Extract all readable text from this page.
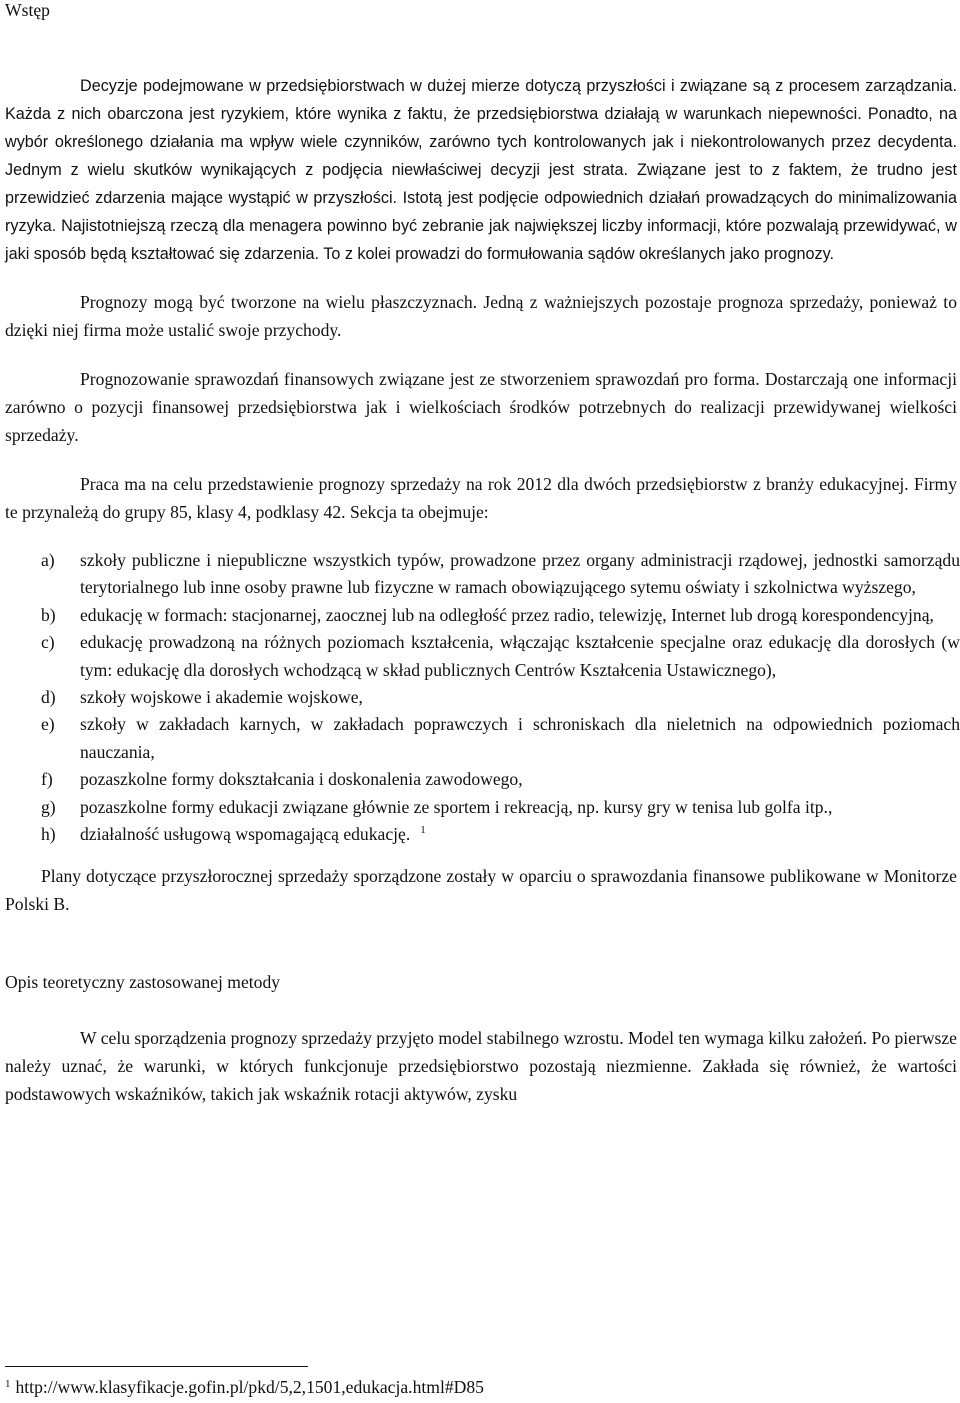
Wstęp

Decyzje podejmowane w przedsiębiorstwach w dużej mierze dotyczą przyszłości i związane są z procesem zarządzania. Każda z nich obarczona jest ryzykiem, które wynika z faktu, że przedsiębiorstwa działają w warunkach niepewności. Ponadto, na wybór określonego działania ma wpływ wiele czynników, zarówno tych kontrolowanych jak i niekontrolowanych przez decydenta. Jednym z wielu skutków wynikających z podjęcia niewłaściwej decyzji jest strata. Związane jest to z faktem, że trudno jest przewidzieć zdarzenia mające wystąpić w przyszłości. Istotą jest podjęcie odpowiednich działań prowadzących do minimalizowania ryzyka. Najistotniejszą rzeczą dla menagera powinno być zebranie jak największej liczby informacji, które pozwalają przewidywać, w jaki sposób będą kształtować się zdarzenia. To z kolei prowadzi do formułowania sądów określanych jako prognozy.

Prognozy mogą być tworzone na wielu płaszczyznach. Jedną z ważniejszych pozostaje prognoza sprzedaży, ponieważ to dzięki niej firma może ustalić swoje przychody.

Prognozowanie sprawozdań finansowych związane jest ze stworzeniem sprawozdań pro forma. Dostarczają one informacji zarówno o pozycji finansowej przedsiębiorstwa jak i wielkościach środków potrzebnych do realizacji przewidywanej wielkości sprzedaży.

Praca ma na celu przedstawienie prognozy sprzedaży na rok 2012 dla dwóch przedsiębiorstw z branży edukacyjnej. Firmy te przynależą do grupy 85, klasy 4, podklasy 42. Sekcja ta obejmuje:

a) szkoły publiczne i niepubliczne wszystkich typów, prowadzone przez organy administracji rządowej, jednostki samorządu terytorialnego lub inne osoby prawne lub fizyczne w ramach obowiązującego sytemu oświaty i szkolnictwa wyższego,
b) edukację w formach: stacjonarnej, zaocznej lub na odległość przez radio, telewizję, Internet lub drogą korespondencyjną,
c) edukację prowadzoną na różnych poziomach kształcenia, włączając kształcenie specjalne oraz edukację dla dorosłych (w tym: edukację dla dorosłych wchodzącą w skład publicznych Centrów Kształcenia Ustawicznego),
d) szkoły wojskowe i akademie wojskowe,
e) szkoły w zakładach karnych, w zakładach poprawczych i schroniskach dla nieletnich na odpowiednich poziomach nauczania,
f) pozaszkolne formy dokształcania i doskonalenia zawodowego,
g) pozaszkolne formy edukacji związane głównie ze sportem i rekreacją, np. kursy gry w tenisa lub golfa itp.,
h) działalność usługową wspomagającą edukację. $^1$

Plany dotyczące przyszłorocznej sprzedaży sporządzone zostały w oparciu o sprawozdania finansowe publikowane w Monitorze Polski B.

Opis teoretyczny zastosowanej metody

W celu sporządzenia prognozy sprzedaży przyjęto model stabilnego wzrostu. Model ten wymaga kilku założeń. Po pierwsze należy uznać, że warunki, w których funkcjonuje przedsiębiorstwo pozostają niezmienne. Zakłada się również, że wartości podstawowych wskaźników, takich jak wskaźnik rotacji aktywów, zysku

$^1$ http://www.klasyfikacje.gofin.pl/pkd/5,2,1501,edukacja.html#D85
